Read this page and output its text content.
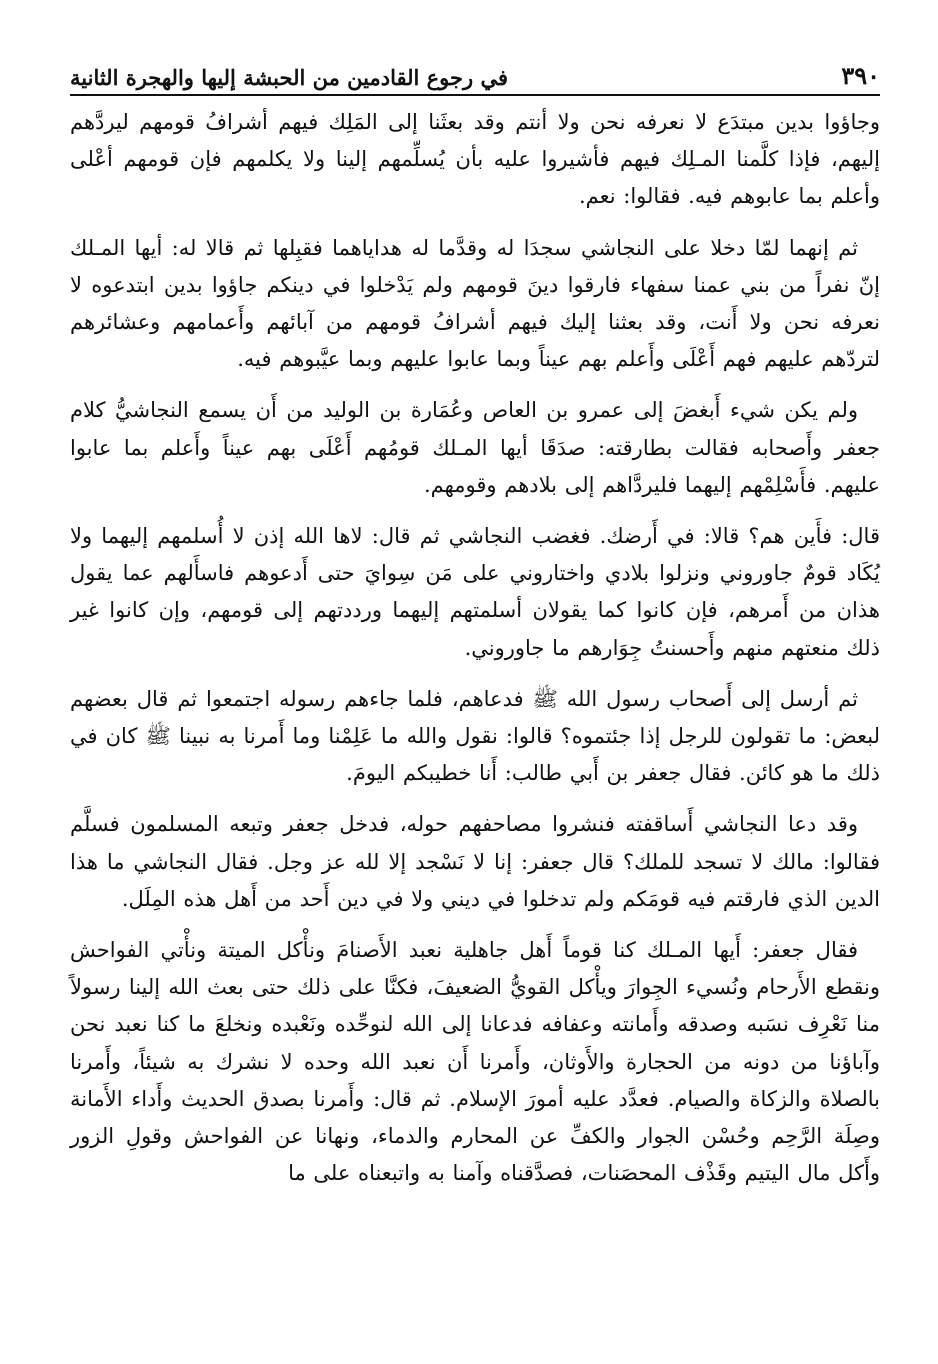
٣٩٠
في رجوع القادمين من الحبشة إليها والهجرة الثانية

وجاؤوا بدين مبتدَع لا نعرفه نحن ولا أنتم وقد بعثَنا إلى المَلِك فيهم أشرافُ قومهم ليردَّهم إليهم، فإذا كلَّمنا المـلِك فيهم فأشيروا عليه بأن يُسلِّمهم إلينا ولا يكلمهم فإن قومهم أعْلى وأعلم بما عابوهم فيه. فقالوا: نعم.

ثم إنهما لمّا دخلا على النجاشي سجدَا له وقدَّما له هداياهما فقبِلها ثم قالا له: أيها المـلك إنّ نفراً من بني عمنا سفهاء فارقوا دينَ قومهم ولم يَدْخلوا في دينكم جاؤوا بدين ابتدعوه لا نعرفه نحن ولا أَنت، وقد بعثنا إليك فيهم أشرافُ قومهم من آبائهم وأَعمامهم وعشائرهم لتردّهم عليهم فهم أَعْلَى وأَعلم بهم عيناً وبما عابوا عليهم وبما عيَّبوهم فيه.

ولم يكن شيء أَبغضَ إلى عمرو بن العاص وعُمَارة بن الوليد من أَن يسمع النجاشيُّ كلام جعفر وأَصحابه فقالت بطارقته: صدَقَا أيها المـلك قومُهم أَعْلَى بهم عيناً وأَعلم بما عابوا عليهم. فأَسْلِمْهم إليهما فليردَّاهم إلى بلادهم وقومهم.

قال: فأَين هم؟ قالا: في أَرضك. فغضب النجاشي ثم قال: لاها الله إذن لا أُسلمهم إليهما ولا يُكَاد قومٌ جاوروني ونزلوا بلادي واختاروني على مَن سِوايَ حتى أَدعوهم فاسأَلهم عما يقول هذان من أَمرهم، فإن كانوا كما يقولان أسلمتهم إليهما ورددتهم إلى قومهم، وإن كانوا غير ذلك منعتهم منهم وأَحسنتُ جِوَارهم ما جاوروني.

ثم أرسل إلى أَصحاب رسول الله ﷺ فدعاهم، فلما جاءهم رسوله اجتمعوا ثم قال بعضهم لبعض: ما تقولون للرجل إذا جئتموه؟ قالوا: نقول والله ما عَلِمْنا وما أَمرنا به نبينا ﷺ كان في ذلك ما هو كائن. فقال جعفر بن أَبي طالب: أَنا خطيبكم اليومَ.

وقد دعا النجاشي أَساقفته فنشروا مصاحفهم حوله، فدخل جعفر وتبعه المسلمون فسلَّم فقالوا: مالك لا تسجد للملك؟ قال جعفر: إنا لا نَسْجد إلا لله عز وجل. فقال النجاشي ما هذا الدين الذي فارقتم فيه قومَكم ولم تدخلوا في ديني ولا في دين أَحد من أَهل هذه المِلَل.

فقال جعفر: أَيها المـلك كنا قوماً أَهل جاهلية نعبد الأَصنامَ ونأْكل الميتة ونأْتي الفواحش ونقطع الأَرحام ونُسيء الجِوارَ ويأْكل القويُّ الضعيفَ، فكنَّا على ذلك حتى بعث الله إلينا رسولاً منا نَعْرِف نسَبه وصدقه وأَمانته وعفافه فدعانا إلى الله لنوحِّده ونَعْبده ونخلعَ ما كنا نعبد نحن وآباؤنا من دونه من الحجارة والأَوثان، وأَمرنا أَن نعبد الله وحده لا نشرك به شيئاً، وأَمرنا بالصلاة والزكاة والصيام. فعدَّد عليه أمورَ الإسلام. ثم قال: وأَمرنا بصدق الحديث وأَداء الأَمانة وصِلَة الرَّحِم وحُسْن الجوار والكفِّ عن المحارم والدماء، ونهانا عن الفواحش وقولِ الزور وأَكل مال اليتيم وقَذْف المحصَنات، فصدَّقناه وآمنا به واتبعناه على ما
